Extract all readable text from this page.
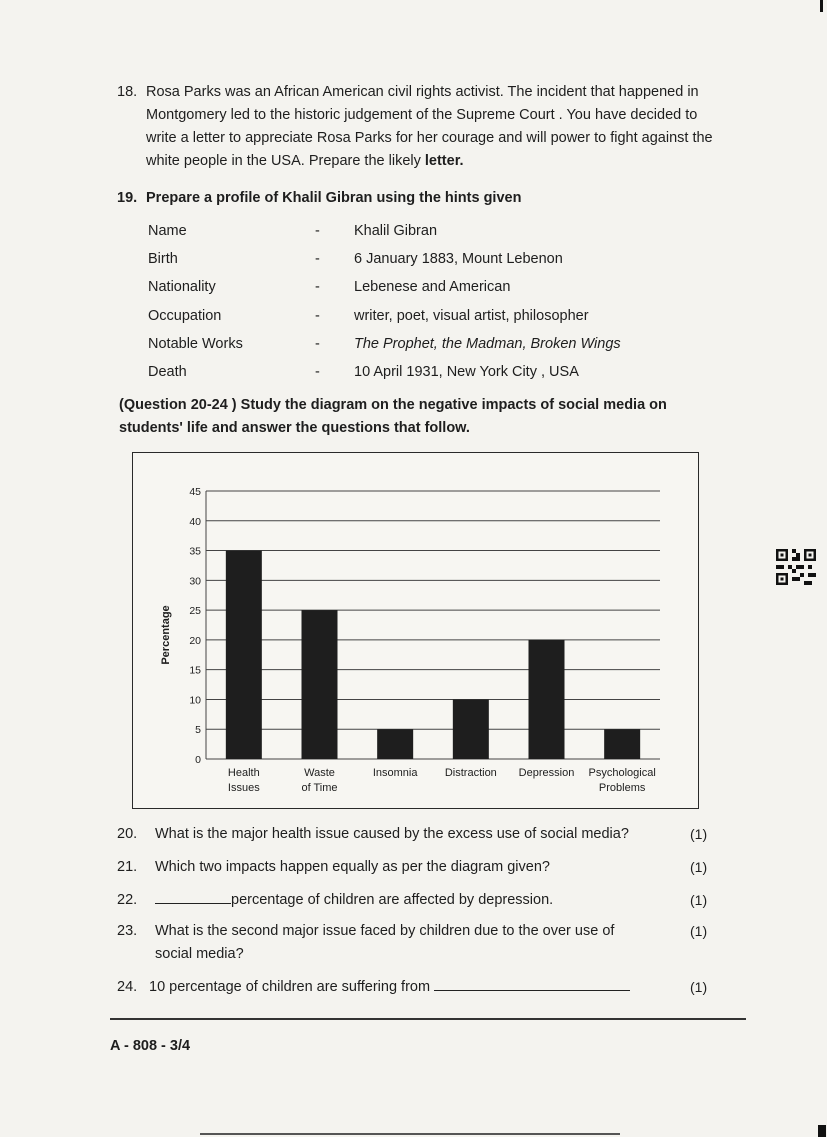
18. Rosa Parks was an African American civil rights activist. The incident that happened in Montgomery led to the historic judgement of the Supreme Court . You have decided to write a letter to appreciate Rosa Parks for her courage and will power to fight against the white people in the USA. Prepare the likely letter.
19. Prepare a profile of Khalil Gibran using the hints given
Name	- Khalil Gibran
Birth	- 6 January 1883, Mount Lebenon
Nationality	- Lebenese and American
Occupation	- writer, poet, visual artist, philosopher
Notable Works	- The Prophet, the Madman, Broken Wings
Death	- 10 April 1931, New York City , USA
(Question 20-24 ) Study the diagram on the negative impacts of social media on students' life and answer the questions that follow.
Percentage
0
5
10
15
20
25
30
35
40
45
Health
Issues
Waste
of Time
Insomnia Distraction Depression Psychological
Problems
20. What is the major health issue caused by the excess use of social media?	(1)
21. Which two impacts happen equally as per the diagram given?	(1)
22.	percentage of children are affected by depression.	(1)
23. What is the second major issue faced by children due to the over use of social media?
(1)
24. 10 percentage of children are suffering from	(1)
A - 808 - 3/4
